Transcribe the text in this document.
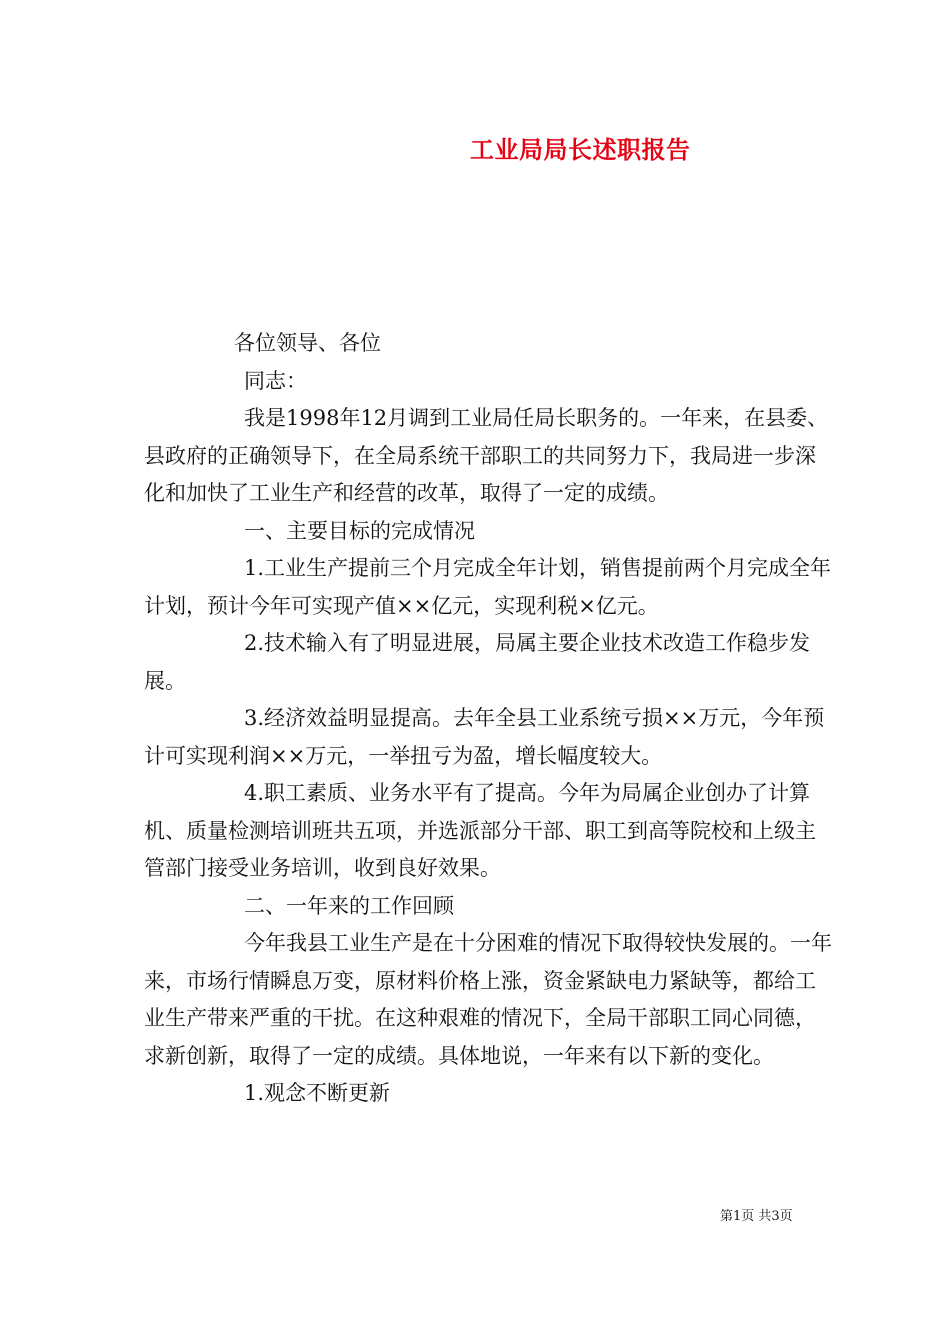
工业局局长述职报告

各位领导、各位

同志：

我是1998年12月调到工业局任局长职务的。一年来，在县委、县政府的正确领导下，在全局系统干部职工的共同努力下，我局进一步深化和加快了工业生产和经营的改革，取得了一定的成绩。

一、主要目标的完成情况

1.工业生产提前三个月完成全年计划，销售提前两个月完成全年计划，预计今年可实现产值××亿元，实现利税×亿元。

2.技术输入有了明显进展，局属主要企业技术改造工作稳步发展。

3.经济效益明显提高。去年全县工业系统亏损××万元，今年预计可实现利润××万元，一举扭亏为盈，增长幅度较大。

4.职工素质、业务水平有了提高。今年为局属企业创办了计算机、质量检测培训班共五项，并选派部分干部、职工到高等院校和上级主管部门接受业务培训，收到良好效果。

二、一年来的工作回顾

今年我县工业生产是在十分困难的情况下取得较快发展的。一年来，市场行情瞬息万变，原材料价格上涨，资金紧缺电力紧缺等，都给工业生产带来严重的干扰。在这种艰难的情况下，全局干部职工同心同德，求新创新，取得了一定的成绩。具体地说，一年来有以下新的变化。

1.观念不断更新

第1页 共3页
